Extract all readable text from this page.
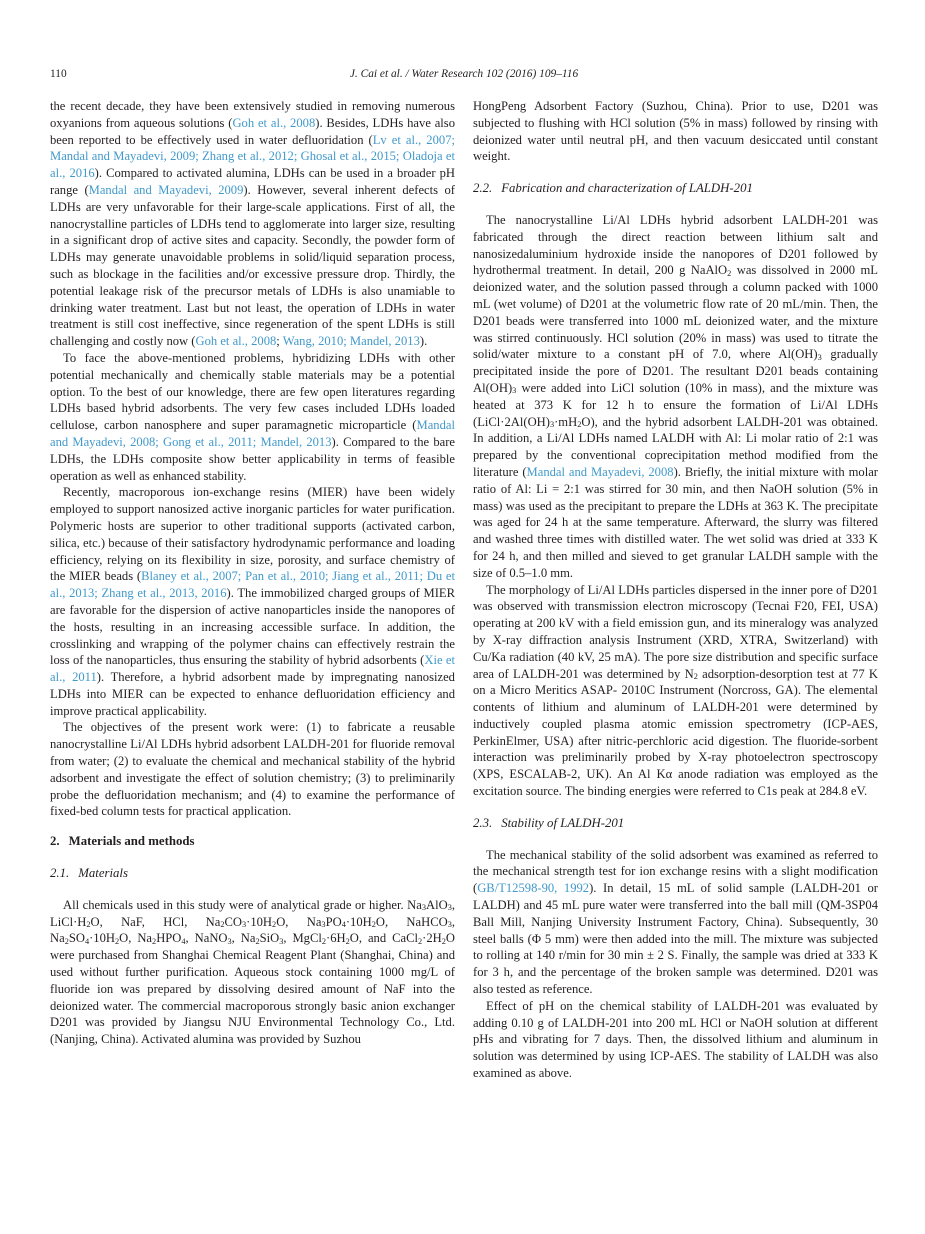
110	J. Cai et al. / Water Research 102 (2016) 109–116

the recent decade, they have been extensively studied in removing numerous oxyanions from aqueous solutions (Goh et al., 2008). Besides, LDHs have also been reported to be effectively used in water defluoridation (Lv et al., 2007; Mandal and Mayadevi, 2009; Zhang et al., 2012; Ghosal et al., 2015; Oladoja et al., 2016). Compared to activated alumina, LDHs can be used in a broader pH range (Mandal and Mayadevi, 2009). However, several inherent defects of LDHs are very unfavorable for their large-scale applications. First of all, the nanocrystalline particles of LDHs tend to agglomerate into larger size, resulting in a significant drop of active sites and capacity. Secondly, the powder form of LDHs may generate unavoidable problems in solid/liquid separation process, such as blockage in the facilities and/or excessive pressure drop. Thirdly, the potential leakage risk of the precursor metals of LDHs is also unamiable to drinking water treatment. Last but not least, the operation of LDHs in water treatment is still cost ineffective, since regeneration of the spent LDHs is still challenging and costly now (Goh et al., 2008; Wang, 2010; Mandel, 2013).

To face the above-mentioned problems, hybridizing LDHs with other potential mechanically and chemically stable materials may be a potential option. To the best of our knowledge, there are few open literatures regarding LDHs based hybrid adsorbents. The very few cases included LDHs loaded cellulose, carbon nanosphere and super paramagnetic microparticle (Mandal and Mayadevi, 2008; Gong et al., 2011; Mandel, 2013). Compared to the bare LDHs, the LDHs composite show better applicability in terms of feasible operation as well as enhanced stability.

Recently, macroporous ion-exchange resins (MIER) have been widely employed to support nanosized active inorganic particles for water purification. Polymeric hosts are superior to other traditional supports (activated carbon, silica, etc.) because of their satisfactory hydrodynamic performance and loading efficiency, relying on its flexibility in size, porosity, and surface chemistry of the MIER beads (Blaney et al., 2007; Pan et al., 2010; Jiang et al., 2011; Du et al., 2013; Zhang et al., 2013, 2016). The immobilized charged groups of MIER are favorable for the dispersion of active nanoparticles inside the nanopores of the hosts, resulting in an increasing accessible surface. In addition, the crosslinking and wrapping of the polymer chains can effectively restrain the loss of the nanoparticles, thus ensuring the stability of hybrid adsorbents (Xie et al., 2011). Therefore, a hybrid adsorbent made by impregnating nanosized LDHs into MIER can be expected to enhance defluoridation efficiency and improve practical applicability.

The objectives of the present work were: (1) to fabricate a reusable nanocrystalline Li/Al LDHs hybrid adsorbent LALDH-201 for fluoride removal from water; (2) to evaluate the chemical and mechanical stability of the hybrid adsorbent and investigate the effect of solution chemistry; (3) to preliminarily probe the defluoridation mechanism; and (4) to examine the performance of fixed-bed column tests for practical application.

2. Materials and methods
2.1. Materials

All chemicals used in this study were of analytical grade or higher. $Na_3AlO_3$, $LiCl\cdot H_2O$, NaF, HCl, $Na_2CO_3\cdot 10H_2O$, $Na_3PO_4\cdot 10H_2O$, NaHCO$_3$, $Na_2SO_4\cdot 10H_2O$, $Na_2HPO_4$, NaNO$_3$, $Na_2SiO_3$, $MgCl_2\cdot 6H_2O$, and $CaCl_2\cdot 2H_2O$ were purchased from Shanghai Chemical Reagent Plant (Shanghai, China) and used without further purification. Aqueous stock containing 1000 mg/L of fluoride ion was prepared by dissolving desired amount of NaF into the deionized water. The commercial macroporous strongly basic anion exchanger D201 was provided by Jiangsu NJU Environmental Technology Co., Ltd. (Nanjing, China). Activated alumina was provided by Suzhou

HongPeng Adsorbent Factory (Suzhou, China). Prior to use, D201 was subjected to flushing with HCl solution (5% in mass) followed by rinsing with deionized water until neutral pH, and then vacuum desiccated until constant weight.

2.2. Fabrication and characterization of LALDH-201

The nanocrystalline Li/Al LDHs hybrid adsorbent LALDH-201 was fabricated through the direct reaction between lithium salt and nanosizedaluminium hydroxide inside the nanopores of D201 followed by hydrothermal treatment. In detail, 200 g NaAlO$_2$ was dissolved in 2000 mL deionized water, and the solution passed through a column packed with 1000 mL (wet volume) of D201 at the volumetric flow rate of 20 mL/min. Then, the D201 beads were transferred into 1000 mL deionized water, and the mixture was stirred continuously. HCl solution (20% in mass) was used to titrate the solid/water mixture to a constant pH of 7.0, where $Al(OH)_3$ gradually precipitated inside the pore of D201. The resultant D201 beads containing $Al(OH)_3$ were added into LiCl solution (10% in mass), and the mixture was heated at 373 K for 12 h to ensure the formation of Li/Al LDHs $(LiCl\cdot 2Al(OH)_3\cdot mH_2O)$, and the hybrid adsorbent LALDH-201 was obtained. In addition, a Li/Al LDHs named LALDH with Al: Li molar ratio of 2:1 was prepared by the conventional coprecipitation method modified from the literature (Mandal and Mayadevi, 2008). Briefly, the initial mixture with molar ratio of Al: Li = 2:1 was stirred for 30 min, and then NaOH solution (5% in mass) was used as the precipitant to prepare the LDHs at 363 K. The precipitate was aged for 24 h at the same temperature. Afterward, the slurry was filtered and washed three times with distilled water. The wet solid was dried at 333 K for 24 h, and then milled and sieved to get granular LALDH sample with the size of 0.5–1.0 mm.

The morphology of Li/Al LDHs particles dispersed in the inner pore of D201 was observed with transmission electron microscopy (Tecnai F20, FEI, USA) operating at 200 kV with a field emission gun, and its mineralogy was analyzed by X-ray diffraction analysis Instrument (XRD, XTRA, Switzerland) with Cu/Ka radiation (40 kV, 25 mA). The pore size distribution and specific surface area of LALDH-201 was determined by $N_2$ adsorption-desorption test at 77 K on a Micro Meritics ASAP- 2010C Instrument (Norcross, GA). The elemental contents of lithium and aluminum of LALDH-201 were determined by inductively coupled plasma atomic emission spectrometry (ICP-AES, PerkinElmer, USA) after nitric-perchloric acid digestion. The fluoride-sorbent interaction was preliminarily probed by X-ray photoelectron spectroscopy (XPS, ESCALAB-2, UK). An Al Kα anode radiation was employed as the excitation source. The binding energies were referred to C1s peak at 284.8 eV.

2.3. Stability of LALDH-201

The mechanical stability of the solid adsorbent was examined as referred to the mechanical strength test for ion exchange resins with a slight modification (GB/T12598-90, 1992). In detail, 15 mL of solid sample (LALDH-201 or LALDH) and 45 mL pure water were transferred into the ball mill (QM-3SP04 Ball Mill, Nanjing University Instrument Factory, China). Subsequently, 30 steel balls (Φ 5 mm) were then added into the mill. The mixture was subjected to rolling at 140 r/min for 30 min ± 2 S. Finally, the sample was dried at 333 K for 3 h, and the percentage of the broken sample was determined. D201 was also tested as reference.

Effect of pH on the chemical stability of LALDH-201 was evaluated by adding 0.10 g of LALDH-201 into 200 mL HCl or NaOH solution at different pHs and vibrating for 7 days. Then, the dissolved lithium and aluminum in solution was determined by using ICP-AES. The stability of LALDH was also examined as above.
